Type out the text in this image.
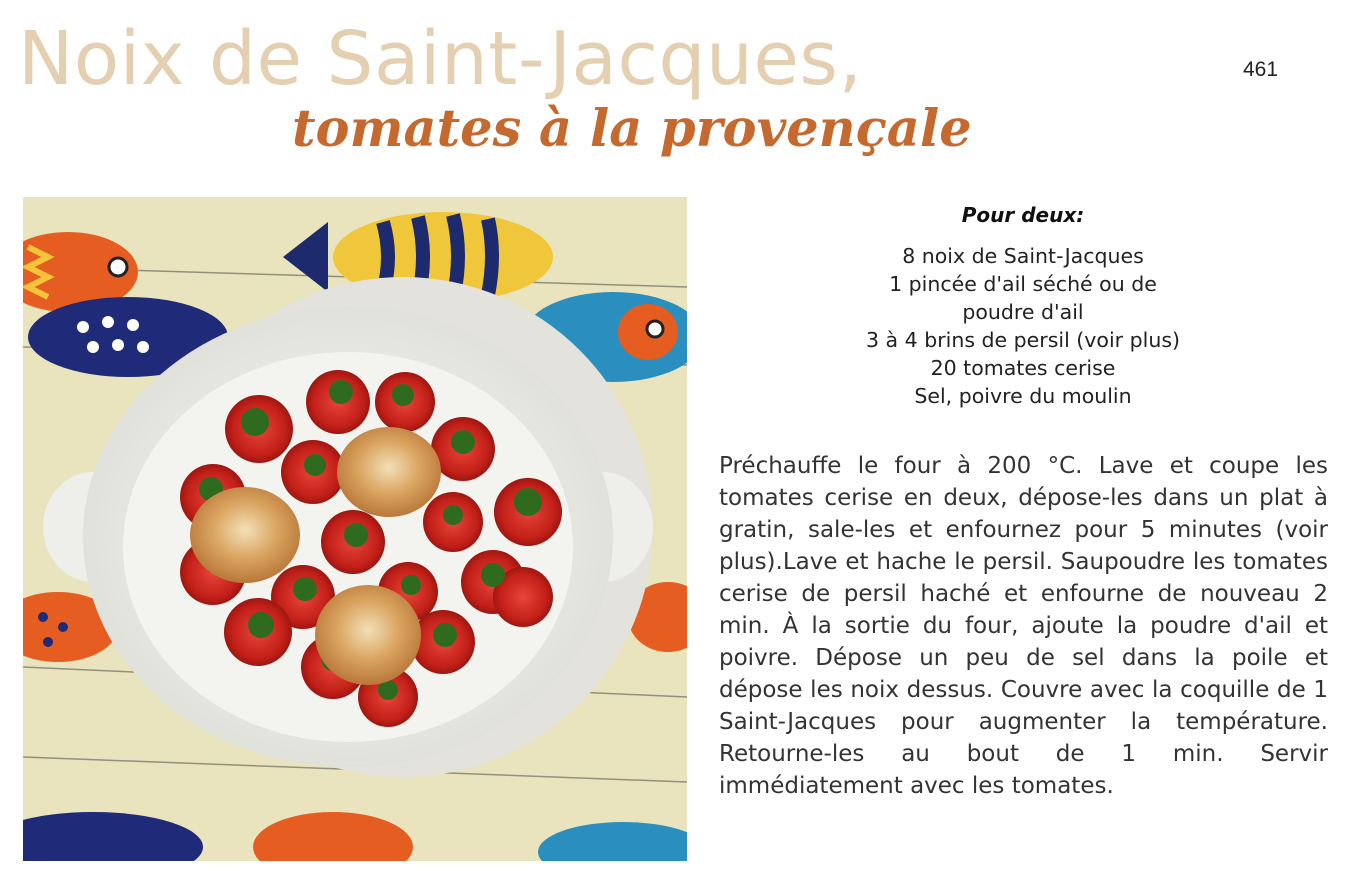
Noix de Saint-Jacques,
tomates à la provençale
461
Pour deux:
8 noix de Saint-Jacques
1 pincée d'ail séché ou de
poudre d'ail
3 à 4 brins de persil (voir plus)
20 tomates cerise
Sel, poivre du moulin

Préchauffe le four à 200 °C. Lave et coupe les tomates cerise en deux, dépose-les dans un plat à gratin, sale-les et enfournez pour 5 minutes (voir plus).Lave et hache le persil. Saupoudre les tomates cerise de persil haché et enfourne de nouveau 2 min. À la sortie du four, ajoute la poudre d'ail et poivre. Dépose un peu de sel dans la poile et dépose les noix dessus. Couvre avec la coquille de 1 Saint-Jacques pour augmenter la température. Retourne-les au bout de 1 min. Servir immédiatement avec les tomates.
